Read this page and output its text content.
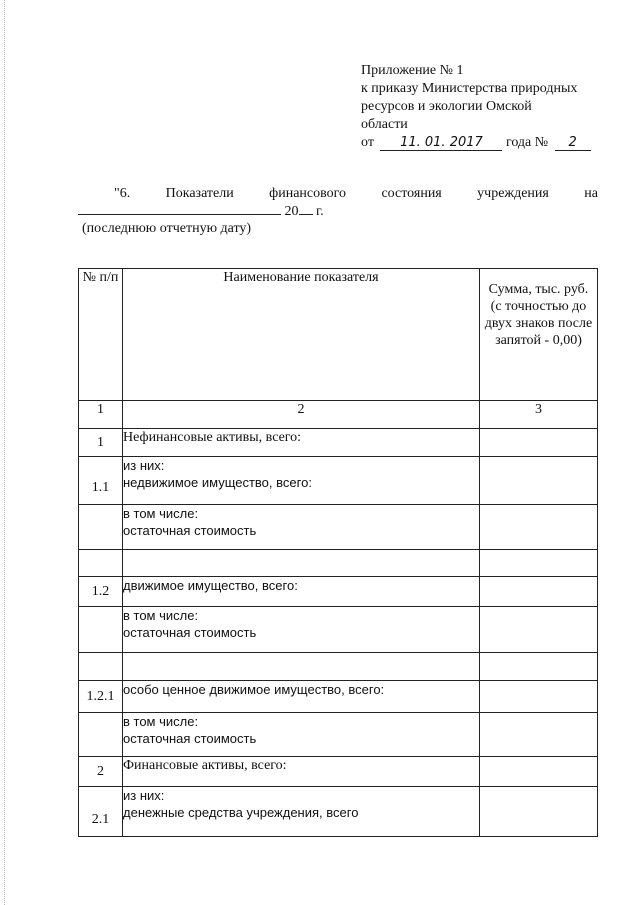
Приложение № 1
к приказу Министерства природных
ресурсов и экологии Омской
области
от 11. 01. 2017 года № 2
"6.	Показатели	финансового	состояния	учреждения	на
20 г.
(последнюю отчетную дату)
№ п/п	Наименование показателя	Сумма, тыс. руб. (с точностью до двух знаков после запятой - 0,00)
1	2	3
1	Нефинансовые активы, всего:	

1.1	из них:
недвижимое имущество, всего:	

	в том числе:
остаточная стоимость	

1.2	движимое имущество, всего:	

	в том числе:
остаточная стоимость	

1.2.1	особо ценное движимое имущество, всего:	

	в том числе:
остаточная стоимость	

2	Финансовые активы, всего:	

2.1	из них:
денежные средства учреждения, всего	
